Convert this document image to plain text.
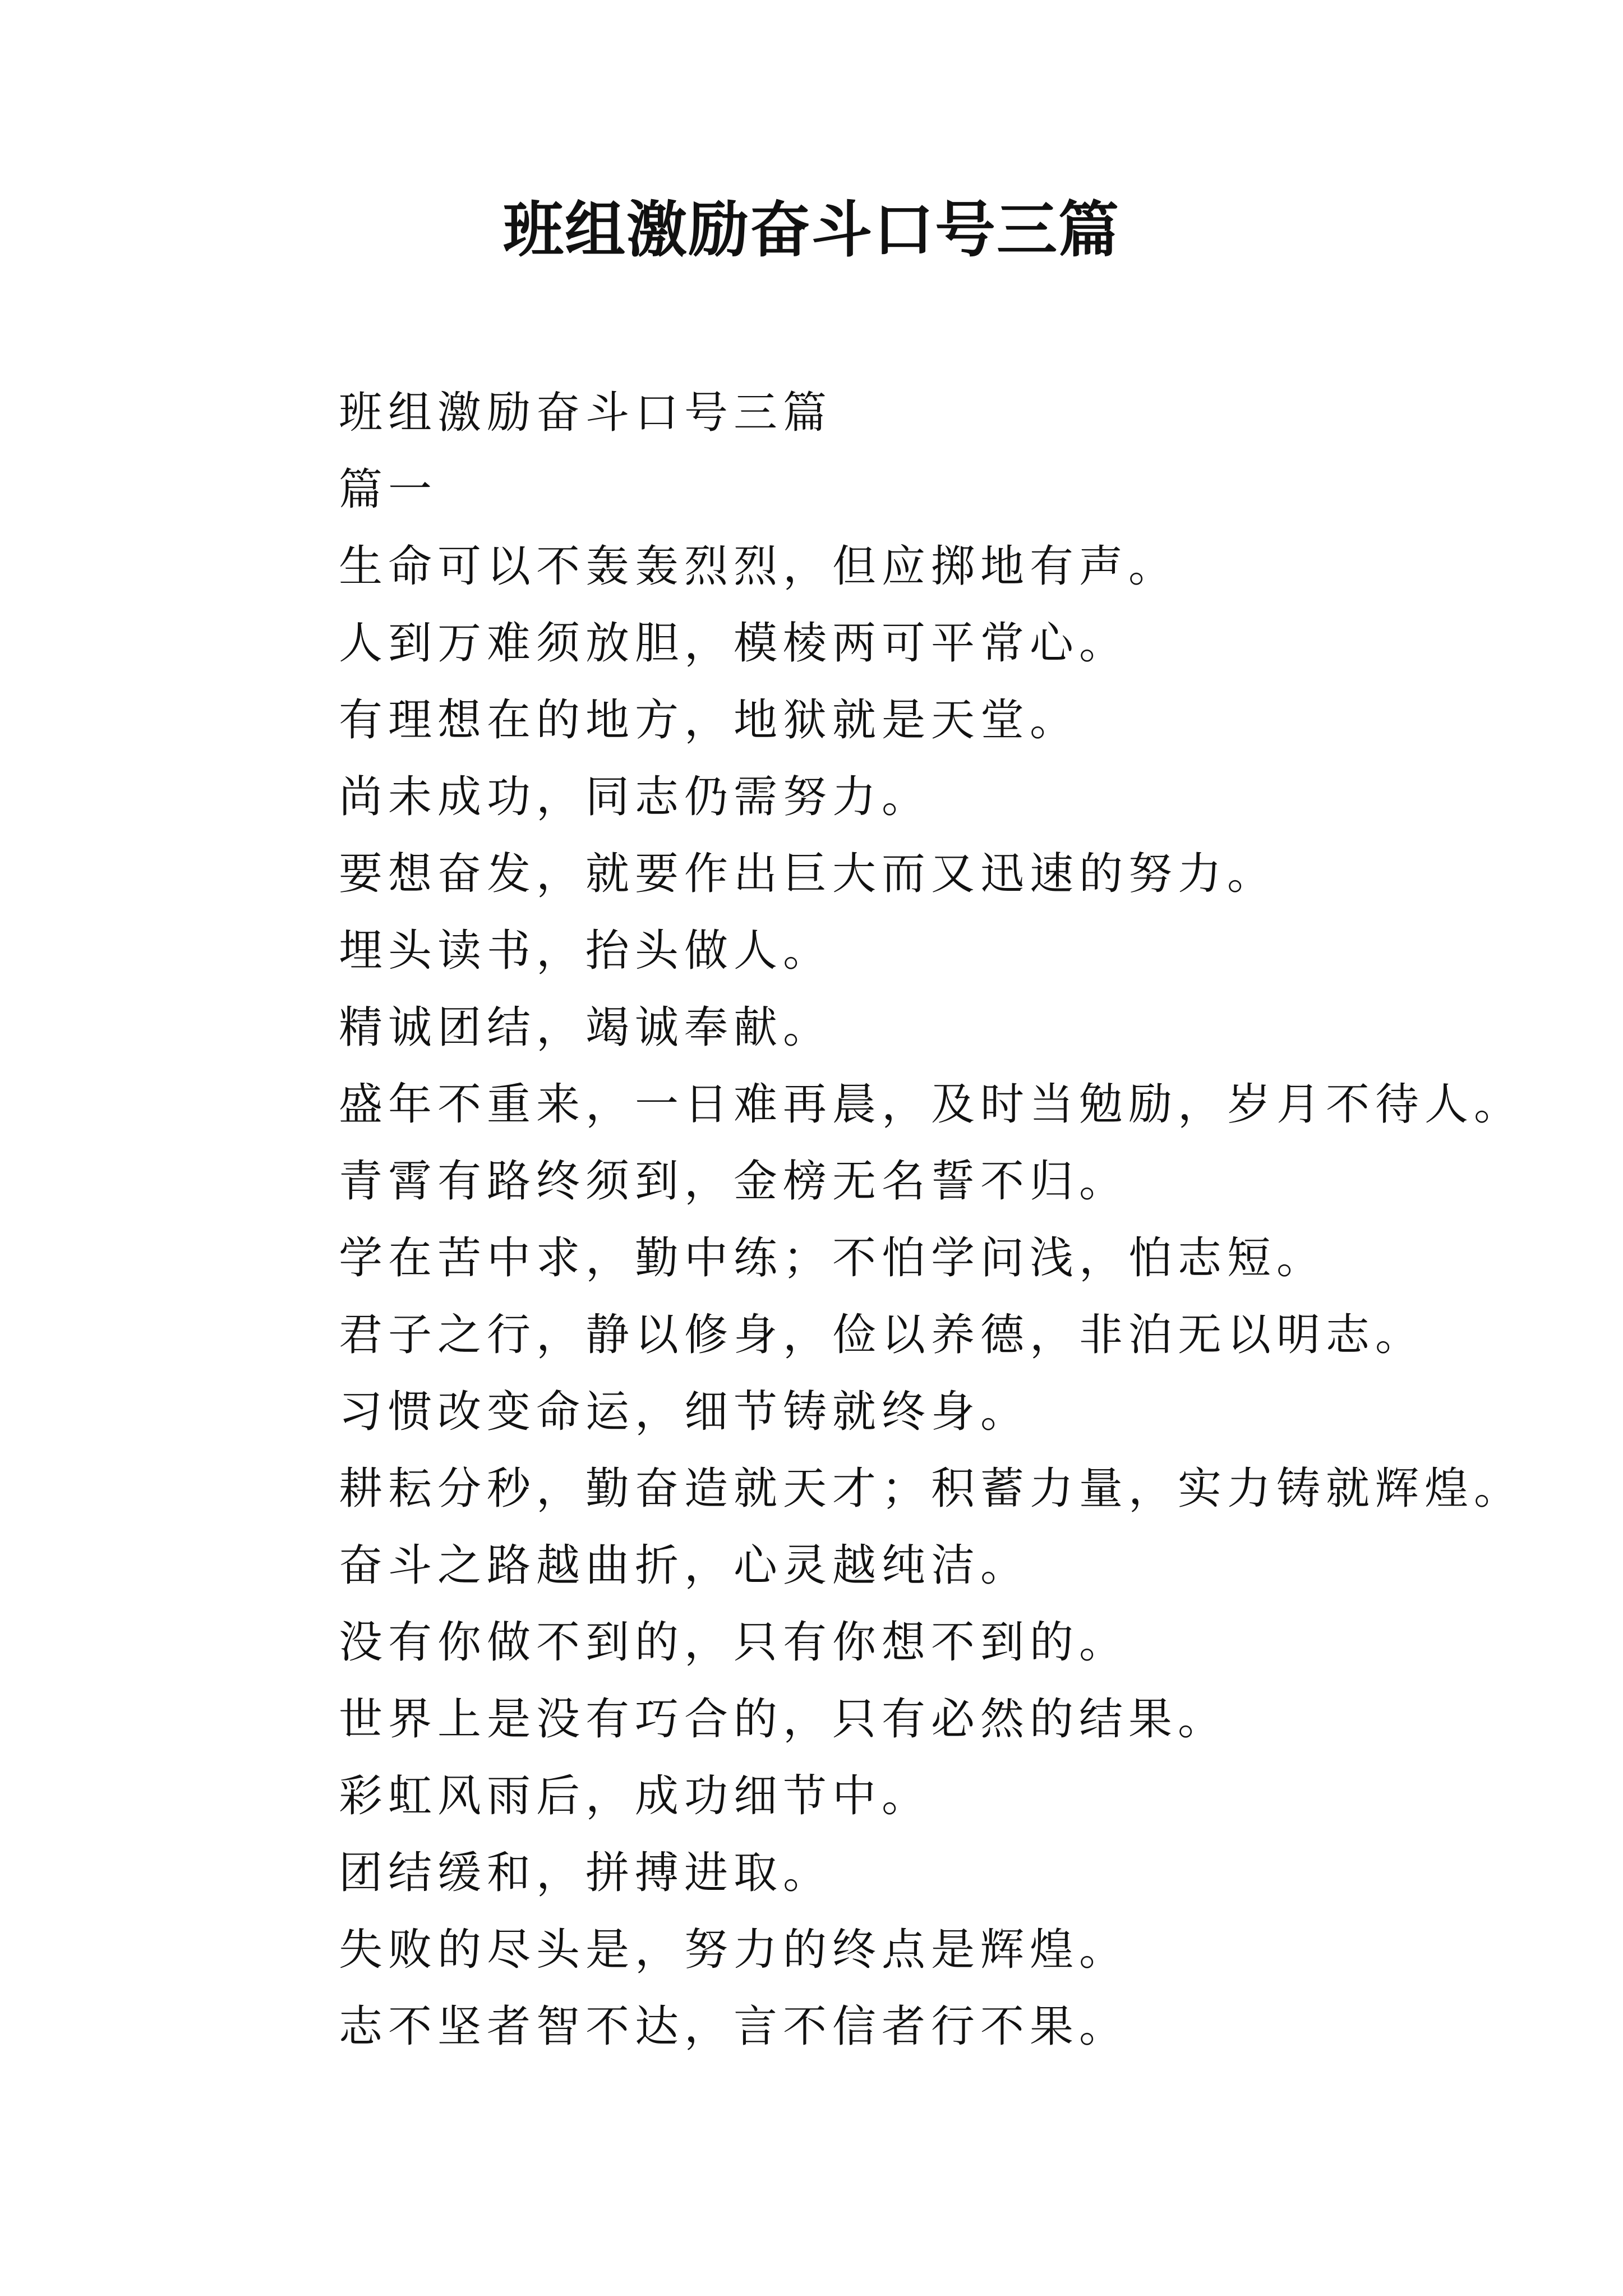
班组激励奋斗口号三篇
班组激励奋斗口号三篇
篇一
生命可以不轰轰烈烈，但应掷地有声。
人到万难须放胆，模棱两可平常心。
有理想在的地方，地狱就是天堂。
尚未成功，同志仍需努力。
要想奋发，就要作出巨大而又迅速的努力。
埋头读书，抬头做人。
精诚团结，竭诚奉献。
盛年不重来，一日难再晨，及时当勉励，岁月不待人。
青霄有路终须到，金榜无名誓不归。
学在苦中求，勤中练；不怕学问浅，怕志短。
君子之行，静以修身，俭以养德，非泊无以明志。
习惯改变命运，细节铸就终身。
耕耘分秒，勤奋造就天才；积蓄力量，实力铸就辉煌。
奋斗之路越曲折，心灵越纯洁。
没有你做不到的，只有你想不到的。
世界上是没有巧合的，只有必然的结果。
彩虹风雨后，成功细节中。
团结缓和，拼搏进取。
失败的尽头是，努力的终点是辉煌。
志不坚者智不达，言不信者行不果。
